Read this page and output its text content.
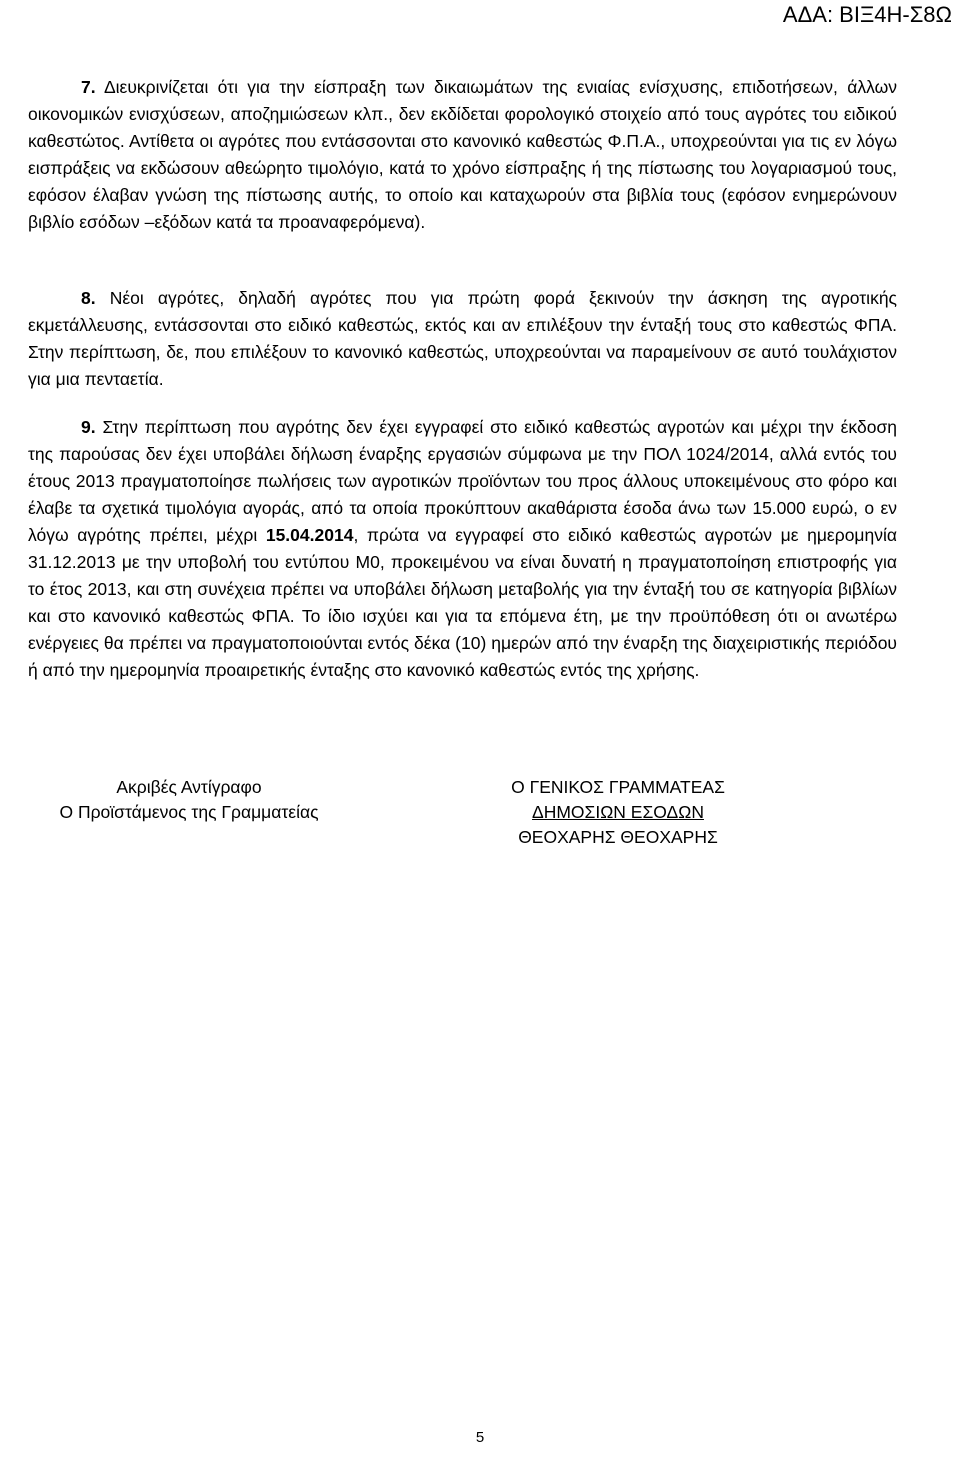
ΑΔΑ: ΒΙΞ4Η-Σ8Ω
7. Διευκρινίζεται ότι για την είσπραξη των δικαιωμάτων της ενιαίας ενίσχυσης, επιδοτήσεων, άλλων οικονομικών ενισχύσεων, αποζημιώσεων κλπ., δεν εκδίδεται φορολογικό στοιχείο από τους αγρότες του ειδικού καθεστώτος. Αντίθετα οι αγρότες που εντάσσονται στο κανονικό καθεστώς Φ.Π.Α., υποχρεούνται για τις εν λόγω εισπράξεις να εκδώσουν αθεώρητο τιμολόγιο, κατά το χρόνο είσπραξης ή της πίστωσης του λογαριασμού τους, εφόσον έλαβαν γνώση της πίστωσης αυτής, το οποίο και καταχωρούν στα βιβλία τους (εφόσον ενημερώνουν βιβλίο εσόδων –εξόδων κατά τα προαναφερόμενα).
8. Νέοι αγρότες, δηλαδή αγρότες που για πρώτη φορά ξεκινούν την άσκηση της αγροτικής εκμετάλλευσης, εντάσσονται στο ειδικό καθεστώς, εκτός και αν επιλέξουν την ένταξή τους στο καθεστώς ΦΠΑ. Στην περίπτωση, δε, που επιλέξουν το κανονικό καθεστώς, υποχρεούνται να παραμείνουν σε αυτό τουλάχιστον για μια πενταετία.
9. Στην περίπτωση που αγρότης δεν έχει εγγραφεί στο ειδικό καθεστώς αγροτών και μέχρι την έκδοση της παρούσας δεν έχει υποβάλει δήλωση έναρξης εργασιών σύμφωνα με την ΠΟΛ 1024/2014, αλλά εντός του έτους 2013 πραγματοποίησε πωλήσεις των αγροτικών προϊόντων του προς άλλους υποκειμένους στο φόρο και έλαβε τα σχετικά τιμολόγια αγοράς, από τα οποία προκύπτουν ακαθάριστα έσοδα άνω των 15.000 ευρώ, ο εν λόγω αγρότης πρέπει, μέχρι 15.04.2014, πρώτα να εγγραφεί στο ειδικό καθεστώς αγροτών με ημερομηνία 31.12.2013 με την υποβολή του εντύπου Μ0, προκειμένου να είναι δυνατή η πραγματοποίηση επιστροφής για το έτος 2013, και στη συνέχεια πρέπει να υποβάλει δήλωση μεταβολής για την ένταξή του σε κατηγορία βιβλίων και στο κανονικό καθεστώς ΦΠΑ. Το ίδιο ισχύει και για τα επόμενα έτη, με την προϋπόθεση ότι οι ανωτέρω ενέργειες θα πρέπει να πραγματοποιούνται εντός δέκα (10) ημερών από την έναρξη της διαχειριστικής περιόδου ή από την ημερομηνία προαιρετικής ένταξης στο κανονικό καθεστώς εντός της χρήσης.
Ακριβές Αντίγραφο
Ο Προϊστάμενος της Γραμματείας
Ο ΓΕΝΙΚΟΣ ΓΡΑΜΜΑΤΕΑΣ
ΔΗΜΟΣΙΩΝ ΕΣΟΔΩΝ
ΘΕΟΧΑΡΗΣ ΘΕΟΧΑΡΗΣ
5
